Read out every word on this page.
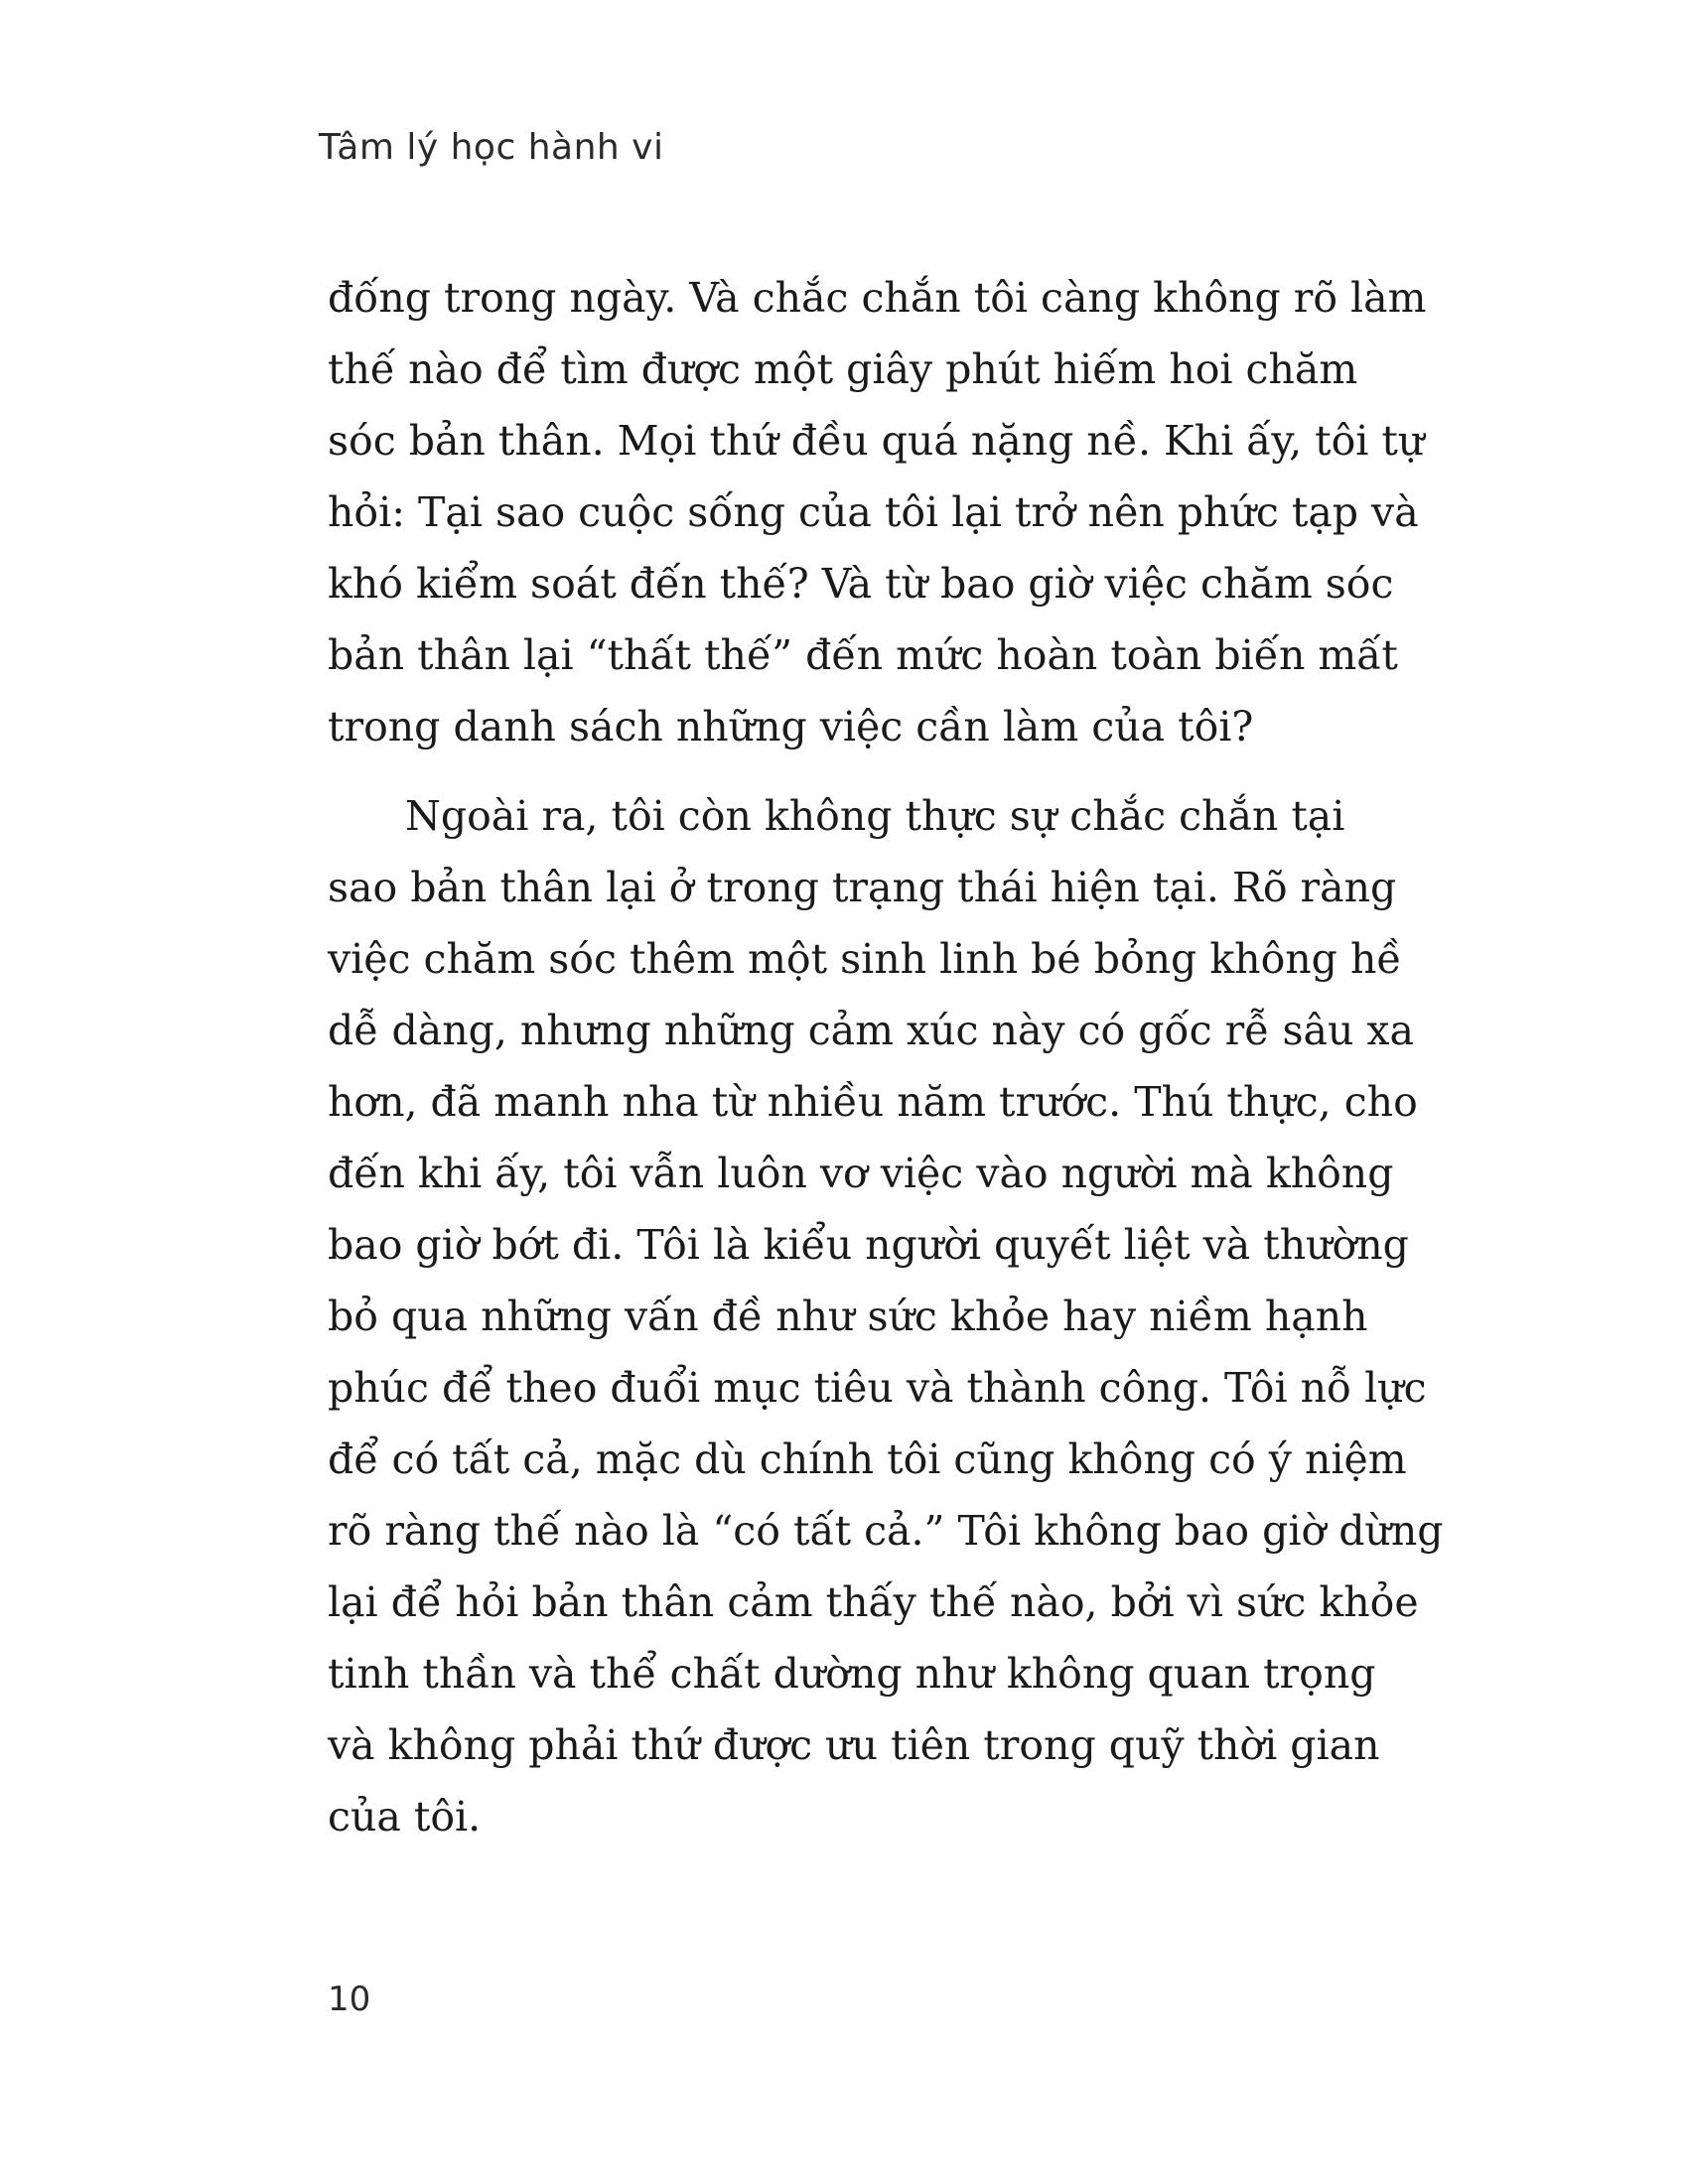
Tâm lý học hành vi
đống trong ngày. Và chắc chắn tôi càng không rõ làm
thế nào để tìm được một giây phút hiếm hoi chăm
sóc bản thân. Mọi thứ đều quá nặng nề. Khi ấy, tôi tự
hỏi: Tại sao cuộc sống của tôi lại trở nên phức tạp và
khó kiểm soát đến thế? Và từ bao giờ việc chăm sóc
bản thân lại “thất thế” đến mức hoàn toàn biến mất
trong danh sách những việc cần làm của tôi?
Ngoài ra, tôi còn không thực sự chắc chắn tại
sao bản thân lại ở trong trạng thái hiện tại. Rõ ràng
việc chăm sóc thêm một sinh linh bé bỏng không hề
dễ dàng, nhưng những cảm xúc này có gốc rễ sâu xa
hơn, đã manh nha từ nhiều năm trước. Thú thực, cho
đến khi ấy, tôi vẫn luôn vơ việc vào người mà không
bao giờ bớt đi. Tôi là kiểu người quyết liệt và thường
bỏ qua những vấn đề như sức khỏe hay niềm hạnh
phúc để theo đuổi mục tiêu và thành công. Tôi nỗ lực
để có tất cả, mặc dù chính tôi cũng không có ý niệm
rõ ràng thế nào là “có tất cả.” Tôi không bao giờ dừng
lại để hỏi bản thân cảm thấy thế nào, bởi vì sức khỏe
tinh thần và thể chất dường như không quan trọng
và không phải thứ được ưu tiên trong quỹ thời gian
của tôi.
10
